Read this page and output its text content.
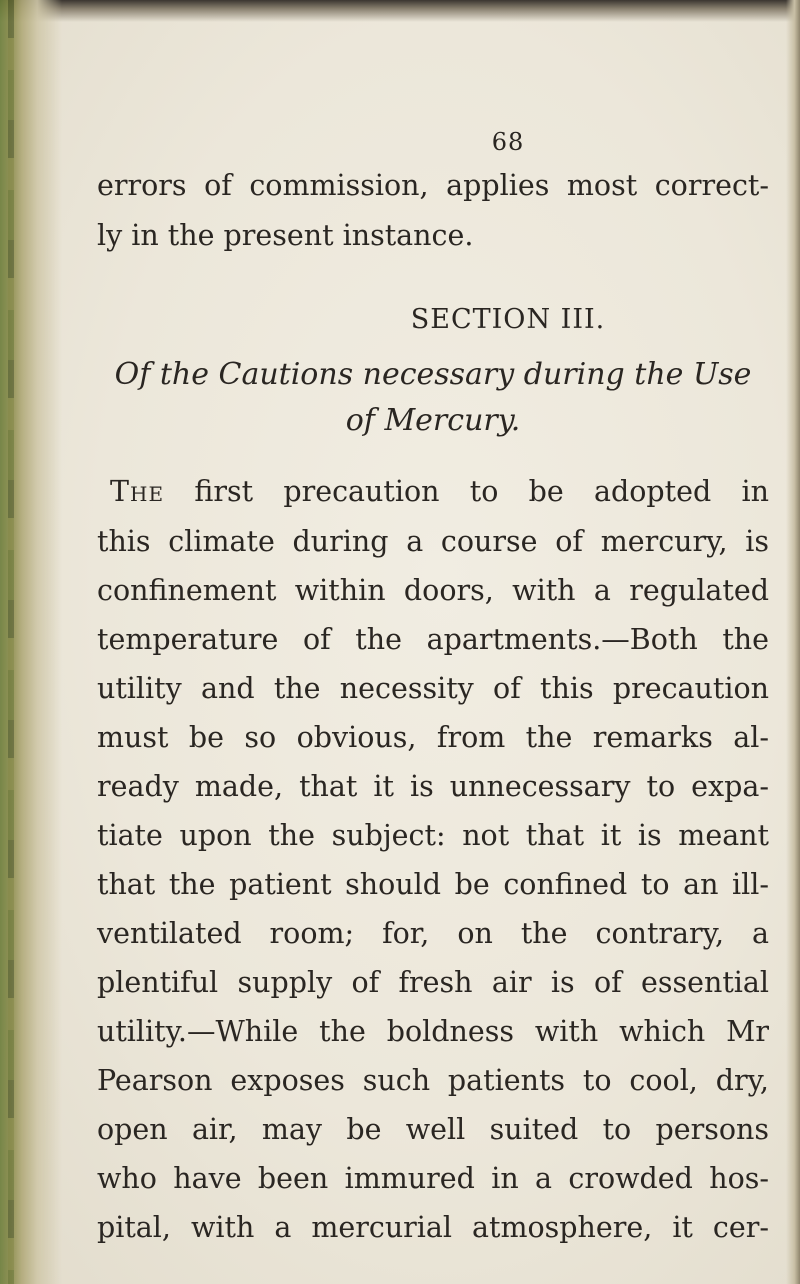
68
errors of commission, applies most correct-
ly in the present instance.
SECTION III.
Of the Cautions necessary during the Use
of Mercury.
The first precaution to be adopted in
this climate during a course of mercury, is
confinement within doors, with a regulated
temperature of the apartments.—Both the
utility and the necessity of this precaution
must be so obvious, from the remarks al-
ready made, that it is unnecessary to expa-
tiate upon the subject: not that it is meant
that the patient should be confined to an ill-
ventilated room; for, on the contrary, a
plentiful supply of fresh air is of essential
utility.—While the boldness with which Mr
Pearson exposes such patients to cool, dry,
open air, may be well suited to persons
who have been immured in a crowded hos-
pital, with a mercurial atmosphere, it cer-
